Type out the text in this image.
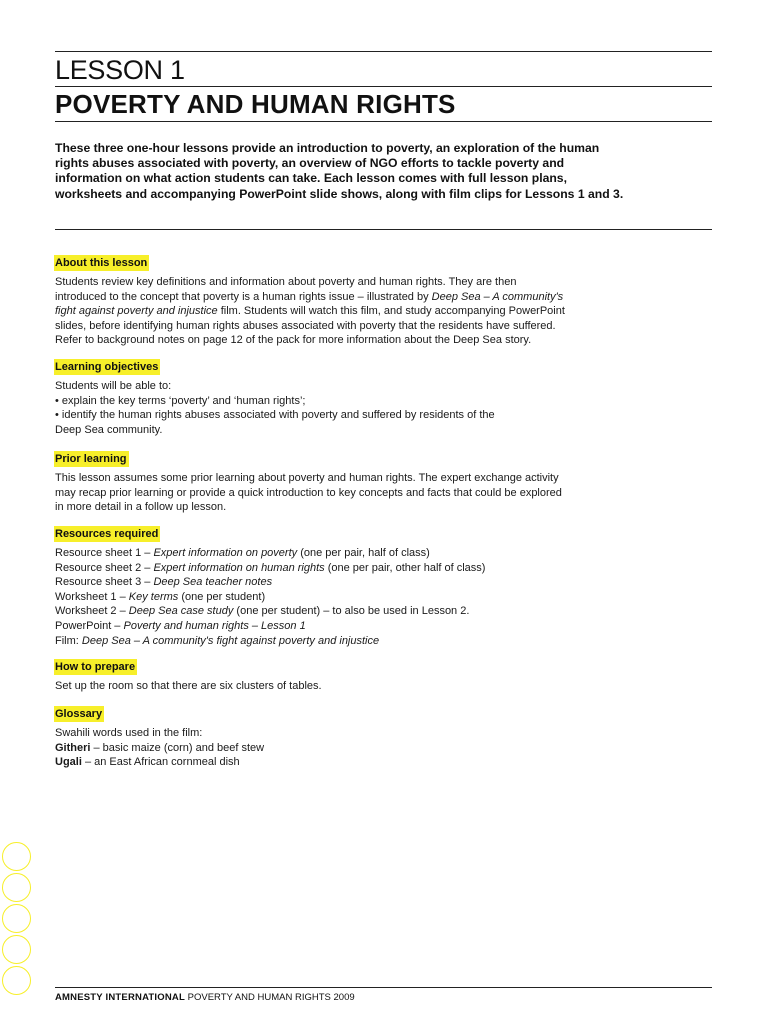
LESSON 1
POVERTY AND HUMAN RIGHTS
These three one-hour lessons provide an introduction to poverty, an exploration of the human
rights abuses associated with poverty, an overview of NGO efforts to tackle poverty and
information on what action students can take. Each lesson comes with full lesson plans,
worksheets and accompanying PowerPoint slide shows, along with film clips for Lessons 1 and 3.
About this lesson
Students review key definitions and information about poverty and human rights. They are then
introduced to the concept that poverty is a human rights issue – illustrated by Deep Sea – A community's
fight against poverty and injustice film. Students will watch this film, and study accompanying PowerPoint
slides, before identifying human rights abuses associated with poverty that the residents have suffered.
Refer to background notes on page 12 of the pack for more information about the Deep Sea story.
Learning objectives
Students will be able to:
• explain the key terms ‘poverty’ and ‘human rights’;
• identify the human rights abuses associated with poverty and suffered by residents of the
Deep Sea community.
Prior learning
This lesson assumes some prior learning about poverty and human rights. The expert exchange activity
may recap prior learning or provide a quick introduction to key concepts and facts that could be explored
in more detail in a follow up lesson.
Resources required
Resource sheet 1 – Expert information on poverty (one per pair, half of class)
Resource sheet 2 – Expert information on human rights (one per pair, other half of class)
Resource sheet 3 – Deep Sea teacher notes
Worksheet 1 – Key terms (one per student)
Worksheet 2 – Deep Sea case study (one per student) – to also be used in Lesson 2.
PowerPoint – Poverty and human rights – Lesson 1
Film: Deep Sea – A community's fight against poverty and injustice
How to prepare
Set up the room so that there are six clusters of tables.
Glossary
Swahili words used in the film:
Githeri – basic maize (corn) and beef stew
Ugali – an East African cornmeal dish
AMNESTY INTERNATIONAL POVERTY AND HUMAN RIGHTS 2009
